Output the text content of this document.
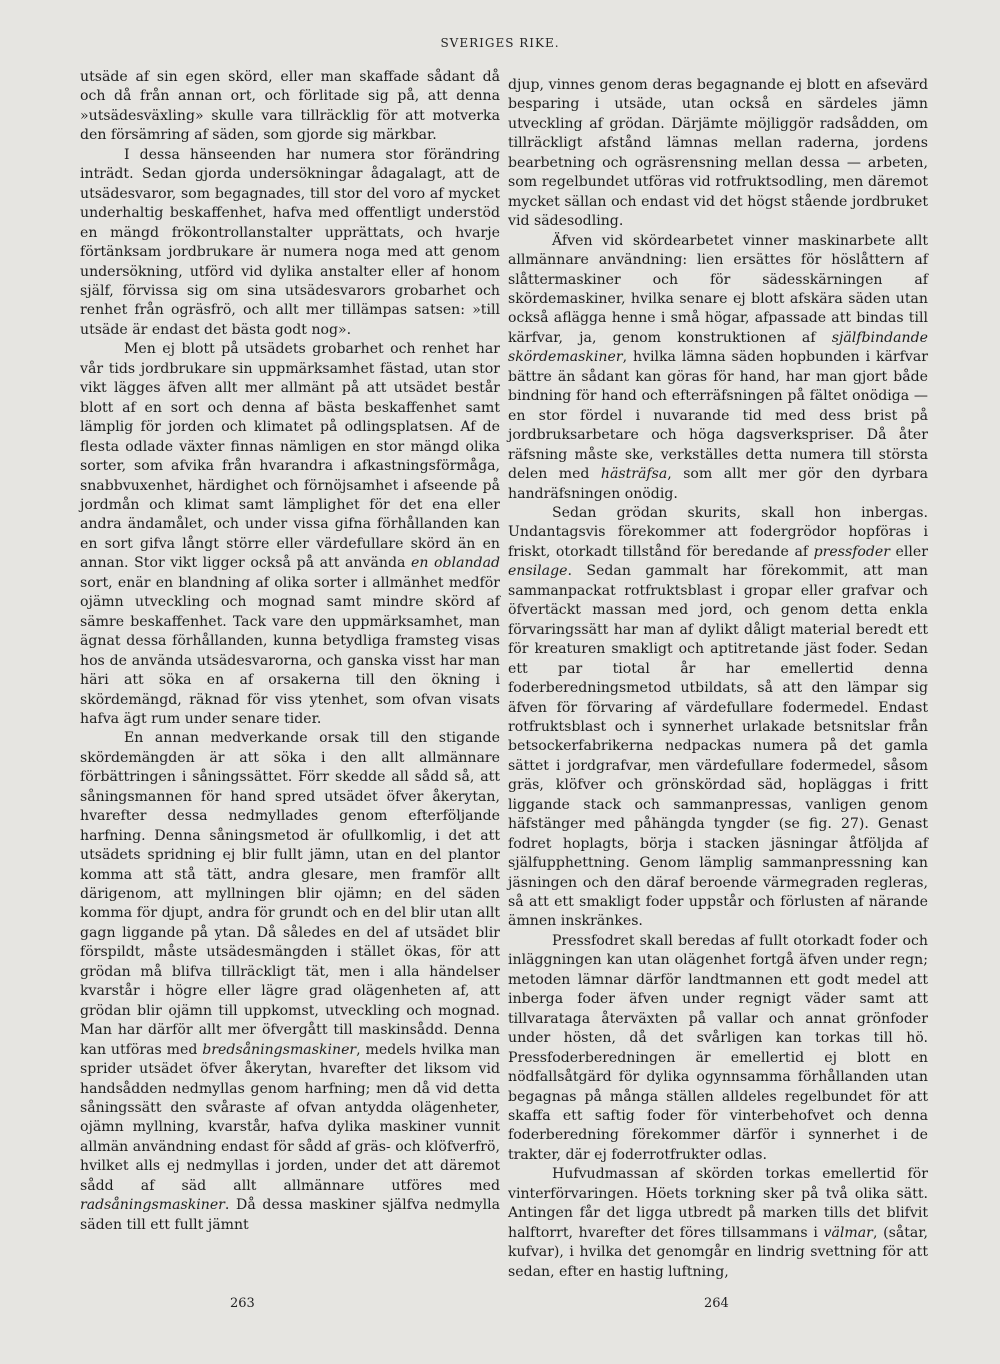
SVERIGES RIKE.

utsäde af sin egen skörd, eller man skaffade sådant då och då från annan ort, och förlitade sig på, att denna »utsädesväxling» skulle vara tillräcklig för att motverka den försämring af säden, som gjorde sig märkbar.

I dessa hänseenden har numera stor förändring inträdt. Sedan gjorda undersökningar ådagalagt, att de utsädesvaror, som begagnades, till stor del voro af mycket underhaltig beskaffenhet, hafva med offentligt understöd en mängd frökontrollanstalter upprättats, och hvarje förtänksam jordbrukare är numera noga med att genom undersökning, utförd vid dylika anstalter eller af honom själf, förvissa sig om sina utsädesvarors grobarhet och renhet från ogräsfrö, och allt mer tillämpas satsen: »till utsäde är endast det bästa godt nog».

Men ej blott på utsädets grobarhet och renhet har vår tids jordbrukare sin uppmärksamhet fästad, utan stor vikt lägges äfven allt mer allmänt på att utsädet består blott af en sort och denna af bästa beskaffenhet samt lämplig för jorden och klimatet på odlingsplatsen. Af de flesta odlade växter finnas nämligen en stor mängd olika sorter, som afvika från hvarandra i afkastningsförmåga, snabbvuxenhet, härdighet och förnöjsamhet i afseende på jordmån och klimat samt lämplighet för det ena eller andra ändamålet, och under vissa gifna förhållanden kan en sort gifva långt större eller värdefullare skörd än en annan. Stor vikt ligger också på att använda en oblandad sort, enär en blandning af olika sorter i allmänhet medför ojämn utveckling och mognad samt mindre skörd af sämre beskaffenhet. Tack vare den uppmärksamhet, man ägnat dessa förhållanden, kunna betydliga framsteg visas hos de använda utsädesvarorna, och ganska visst har man häri att söka en af orsakerna till den ökning i skördemängd, räknad för viss ytenhet, som ofvan visats hafva ägt rum under senare tider.

En annan medverkande orsak till den stigande skördemängden är att söka i den allt allmännare förbättringen i såningssättet. Förr skedde all sådd så, att såningsmannen för hand spred utsädet öfver åkerytan, hvarefter dessa nedmyllades genom efterföljande harfning. Denna såningsmetod är ofullkomlig, i det att utsädets spridning ej blir fullt jämn, utan en del plantor komma att stå tätt, andra glesare, men framför allt därigenom, att myllningen blir ojämn; en del säden komma för djupt, andra för grundt och en del blir utan allt gagn liggande på ytan. Då således en del af utsädet blir förspildt, måste utsädesmängden i stället ökas, för att grödan må blifva tillräckligt tät, men i alla händelser kvarstår i högre eller lägre grad olägenheten af, att grödan blir ojämn till uppkomst, utveckling och mognad. Man har därför allt mer öfvergått till maskinsådd. Denna kan utföras med bredsåningsmaskiner, medels hvilka man sprider utsädet öfver åkerytan, hvarefter det liksom vid handsådden nedmyllas genom harfning; men då vid detta såningssätt den svåraste af ofvan antydda olägenheter, ojämn myllning, kvarstår, hafva dylika maskiner vunnit allmän användning endast för sådd af gräs- och klöfverfrö, hvilket alls ej nedmyllas i jorden, under det att däremot sådd af säd allt allmännare utföres med radsåningsmaskiner. Då dessa maskiner själfva nedmylla säden till ett fullt jämnt

djup, vinnes genom deras begagnande ej blott en afsevärd besparing i utsäde, utan också en särdeles jämn utveckling af grödan. Därjämte möjliggör radsådden, om tillräckligt afstånd lämnas mellan raderna, jordens bearbetning och ogräsrensning mellan dessa — arbeten, som regelbundet utföras vid rotfruktsodling, men däremot mycket sällan och endast vid det högst stående jordbruket vid sädesodling.

Äfven vid skördearbetet vinner maskinarbete allt allmännare användning: lien ersättes för höslåttern af slåttermaskiner och för sädesskärningen af skördemaskiner, hvilka senare ej blott afskära säden utan också aflägga henne i små högar, afpassade att bindas till kärfvar, ja, genom konstruktionen af själfbindande skördemaskiner, hvilka lämna säden hopbunden i kärfvar bättre än sådant kan göras för hand, har man gjort både bindning för hand och efterräfsningen på fältet onödiga — en stor fördel i nuvarande tid med dess brist på jordbruksarbetare och höga dagsverkspriser. Då åter räfsning måste ske, verkställes detta numera till största delen med hästräfsa, som allt mer gör den dyrbara handräfsningen onödig.

Sedan grödan skurits, skall hon inbergas. Undantagsvis förekommer att fodergrödor hopföras i friskt, otorkadt tillstånd för beredande af pressfoder eller ensilage. Sedan gammalt har förekommit, att man sammanpackat rotfruktsblast i gropar eller grafvar och öfvertäckt massan med jord, och genom detta enkla förvaringssätt har man af dylikt dåligt material beredt ett för kreaturen smakligt och aptitretande jäst foder. Sedan ett par tiotal år har emellertid denna foderberedningsmetod utbildats, så att den lämpar sig äfven för förvaring af värdefullare fodermedel. Endast rotfruktsblast och i synnerhet urlakade betsnitslar från betsockerfabrikerna nedpackas numera på det gamla sättet i jordgrafvar, men värdefullare fodermedel, såsom gräs, klöfver och grönskördad säd, hopläggas i fritt liggande stack och sammanpressas, vanligen genom häfstänger med påhängda tyngder (se fig. 27). Genast fodret hoplagts, börja i stacken jäsningar åtföljda af själfupphettning. Genom lämplig sammanpressning kan jäsningen och den däraf beroende värmegraden regleras, så att ett smakligt foder uppstår och förlusten af närande ämnen inskränkes.

Pressfodret skall beredas af fullt otorkadt foder och inläggningen kan utan olägenhet fortgå äfven under regn; metoden lämnar därför landtmannen ett godt medel att inberga foder äfven under regnigt väder samt att tillvarataga återväxten på vallar och annat grönfoder under hösten, då det svårligen kan torkas till hö. Pressfoderberedningen är emellertid ej blott en nödfallsåtgärd för dylika ogynnsamma förhållanden utan begagnas på många ställen alldeles regelbundet för att skaffa ett saftig foder för vinterbehofvet och denna foderberedning förekommer därför i synnerhet i de trakter, där ej foderrotfrukter odlas.

Hufvudmassan af skörden torkas emellertid för vinterförvaringen. Höets torkning sker på två olika sätt. Antingen får det ligga utbredt på marken tills det blifvit halftorrt, hvarefter det föres tillsammans i välmar, (såtar, kufvar), i hvilka det genomgår en lindrig svettning för att sedan, efter en hastig luftning,

263	264
